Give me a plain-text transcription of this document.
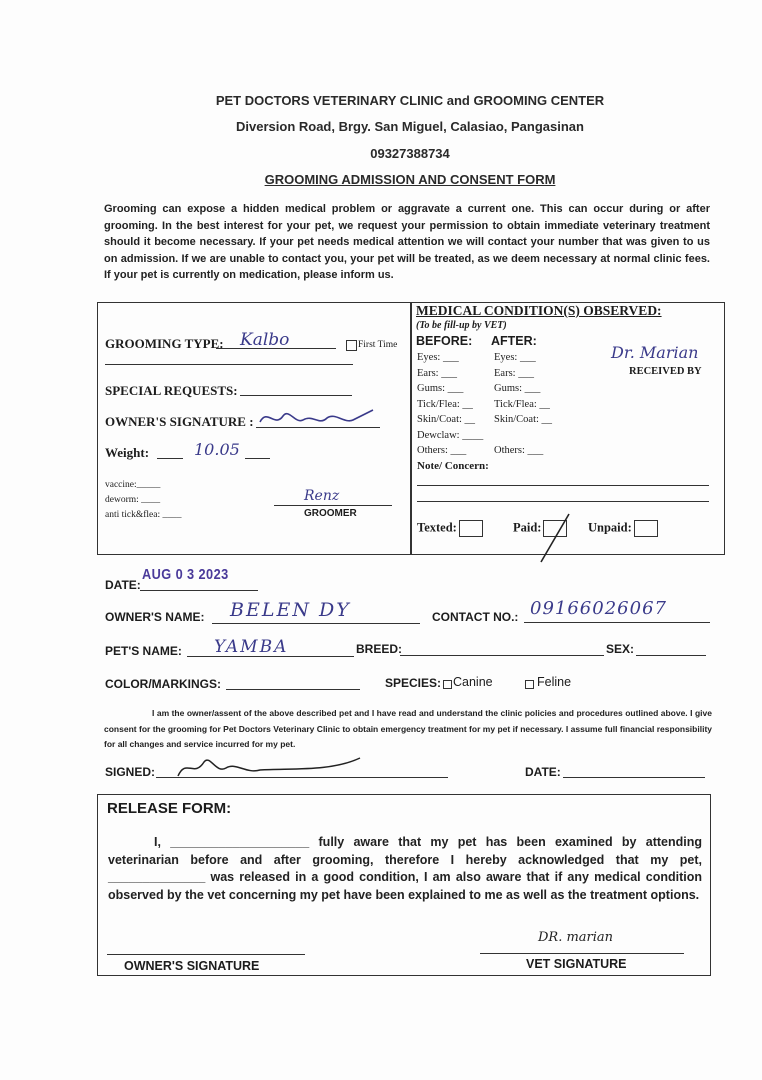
PET DOCTORS VETERINARY CLINIC and GROOMING CENTER
Diversion Road, Brgy. San Miguel, Calasiao, Pangasinan
09327388734
GROOMING ADMISSION AND CONSENT FORM
Grooming can expose a hidden medical problem or aggravate a current one. This can occur during or after grooming. In the best interest for your pet, we request your permission to obtain immediate veterinary treatment should it become necessary. If your pet needs medical attention we will contact your number that was given to us on admission. If we are unable to contact you, your pet will be treated, as we deem necessary at normal clinic fees. If your pet is currently on medication, please inform us.
GROOMING TYPE: Kalbo	First Time
SPECIAL REQUESTS:
OWNER'S SIGNATURE :
Weight:	10.05
vaccine:_____
deworm: ____
anti tick&flea: ____
Renz
GROOMER
MEDICAL CONDITION(S) OBSERVED:
(To be fill-up by VET)
BEFORE: AFTER:
Eyes: ___	Eyes: ___
Ears: ___	Ears: ___
Gums: ___	Gums: ___
Tick/Flea: __ Tick/Flea: __
Skin/Coat: __ Skin/Coat: __
Dewclaw: ____
Others: ___	Others: ___
Note/ Concern:
Dr. Marian
RECEIVED BY
Texted:	Paid:	Unpaid:
DATE:
AUG 0 3 2023
OWNER'S NAME: BELEN DY	CONTACT NO.: 09166026067
PET'S NAME: YAMBA	BREED:	SEX:
COLOR/MARKINGS:	SPECIES: Canine	Feline
I am the owner/assent of the above described pet and I have read and understand the clinic policies and procedures outlined above. I give consent for the grooming for Pet Doctors Veterinary Clinic to obtain emergency treatment for my pet if necessary. I assume full financial responsibility for all changes and service incurred for my pet.
SIGNED:	DATE:
RELEASE FORM:
I, ____________________ fully aware that my pet has been examined by attending veterinarian before and after grooming, therefore I hereby acknowledged that my pet, ______________ was released in a good condition, I am also aware that if any medical condition observed by the vet concerning my pet have been explained to me as well as the treatment options.
OWNER'S SIGNATURE
DR. marian
VET SIGNATURE
